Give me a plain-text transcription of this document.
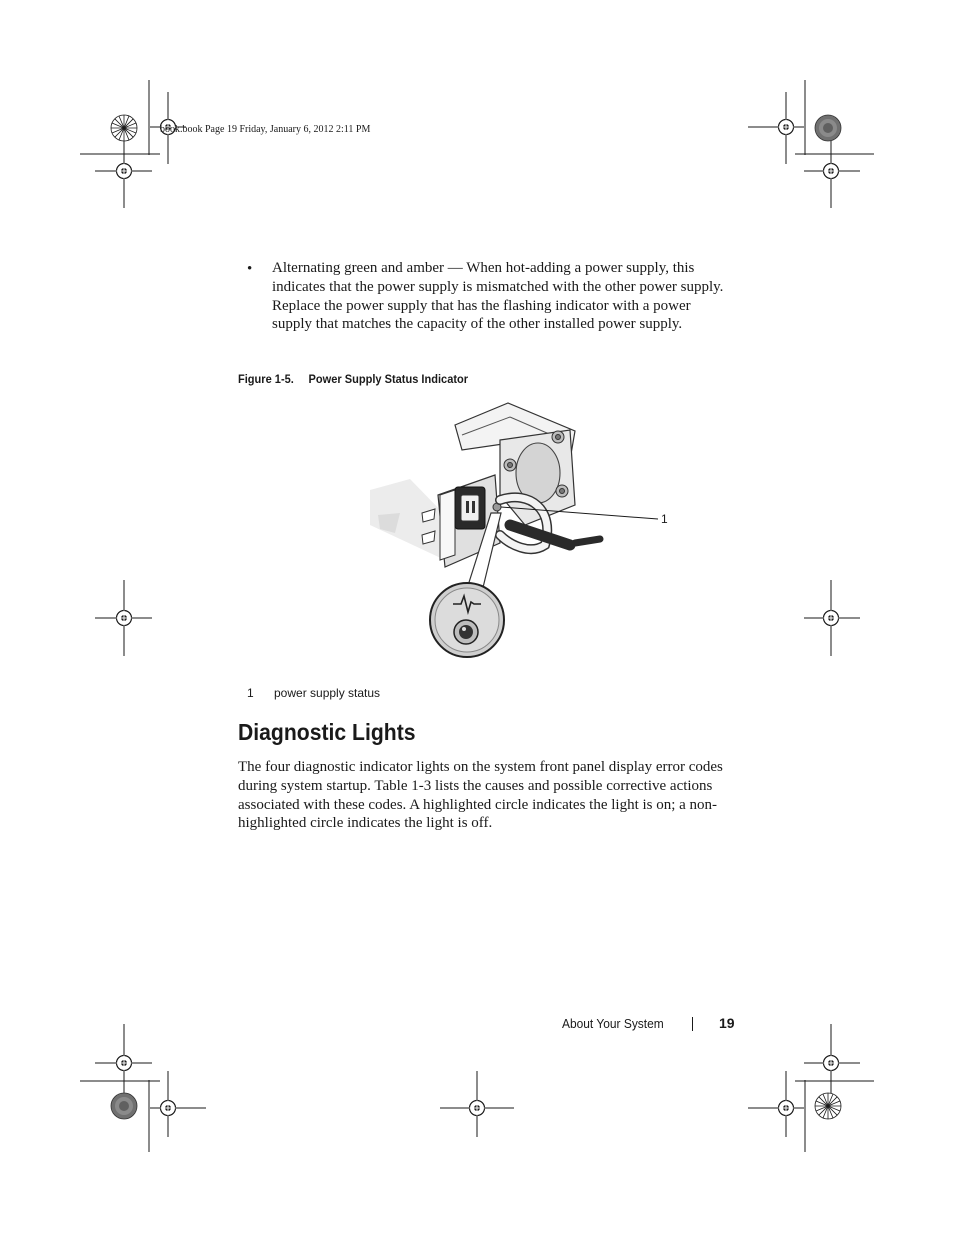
book.book Page 19 Friday, January 6, 2012 2:11 PM
• Alternating green and amber — When hot-adding a power supply, this indicates that the power supply is mismatched with the other power supply. Replace the power supply that has the flashing indicator with a power supply that matches the capacity of the other installed power supply.
Figure 1-5. Power Supply Status Indicator
1
1 power supply status
Diagnostic Lights
The four diagnostic indicator lights on the system front panel display error codes during system startup. Table 1-3 lists the causes and possible corrective actions associated with these codes. A highlighted circle indicates the light is on; a non-highlighted circle indicates the light is off.
About Your System	19
